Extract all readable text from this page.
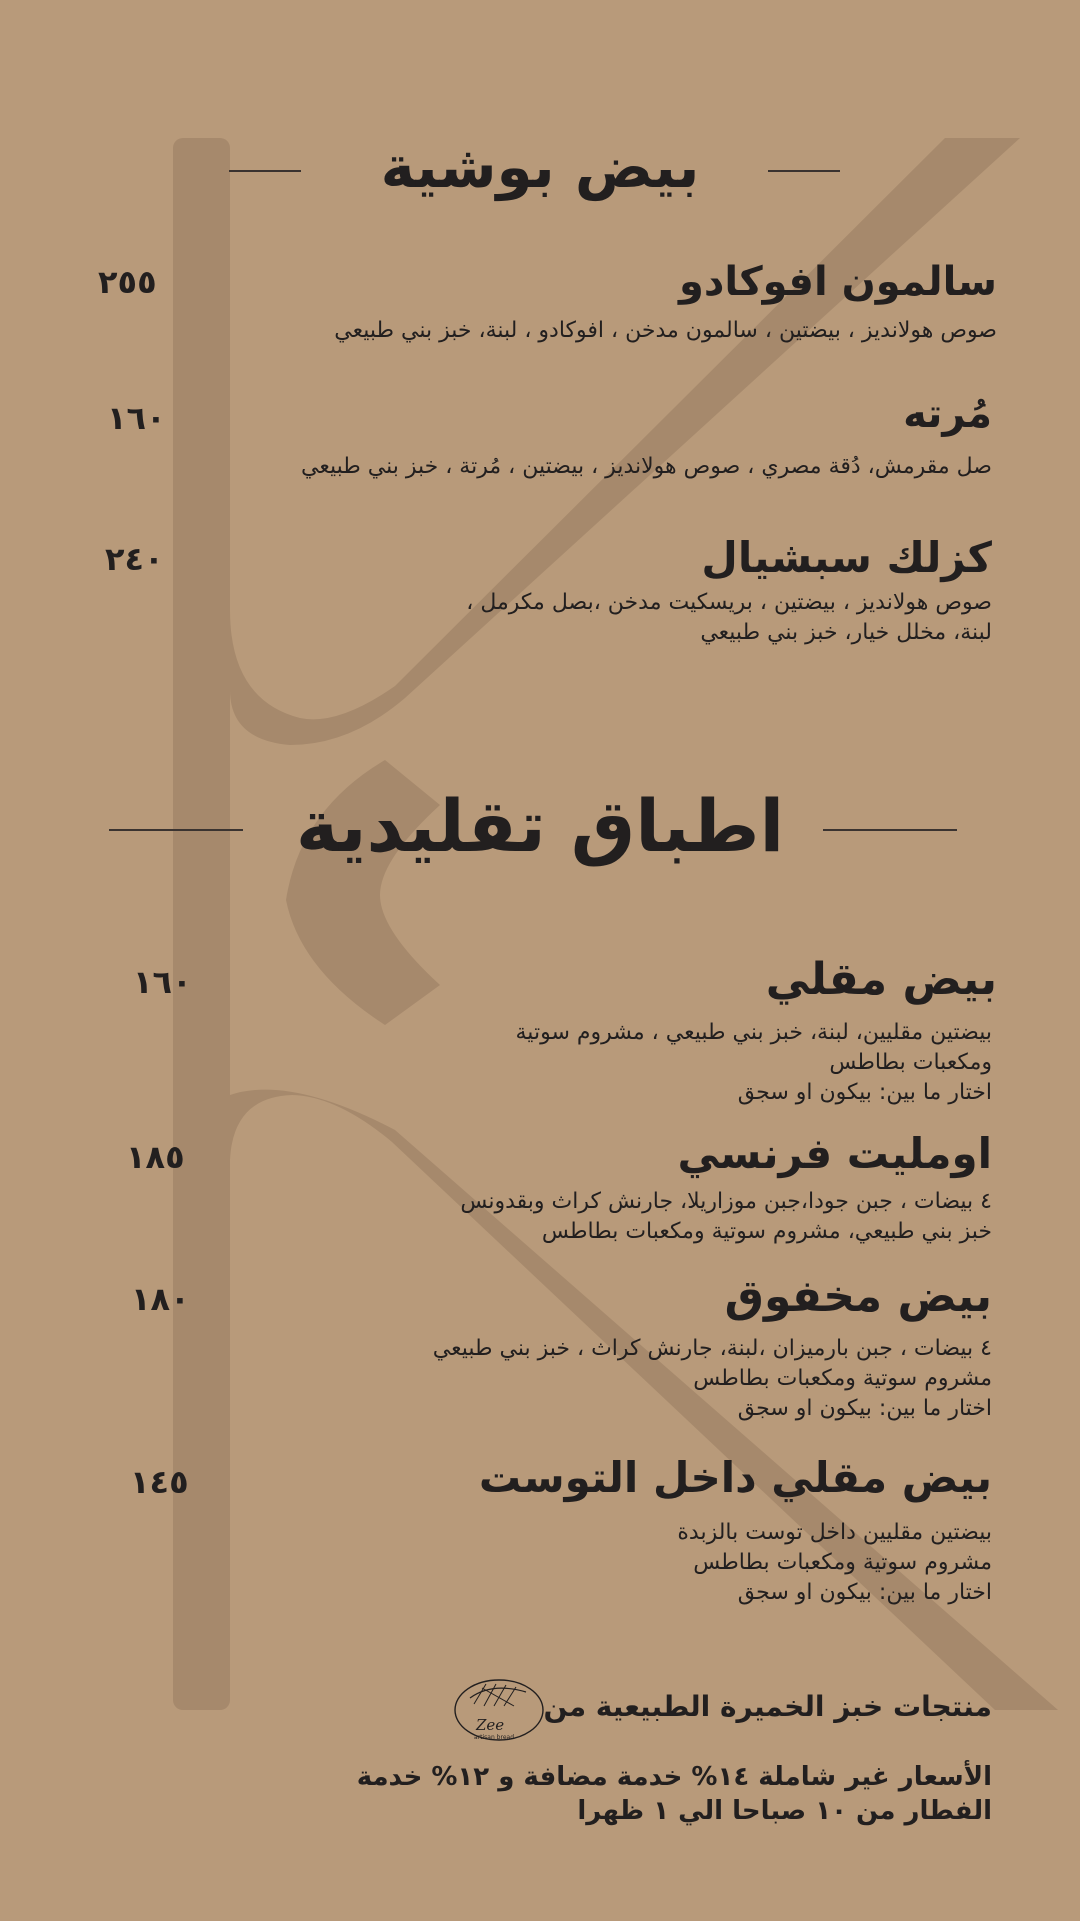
بيض بوشية
سالمون افوكادو
٢٥٥
صوص هولانديز ، بيضتين ، سالمون مدخن ، افوكادو ، لبنة، خبز بني طبيعي
مُرته
١٦٠
صل مقرمش، دُقة مصري ، صوص هولانديز ، بيضتين ، مُرتة ، خبز بني طبيعي
كزلك سبشيال
٢٤٠
صوص هولانديز ، بيضتين ، بريسكيت مدخن ،بصل مكرمل ،
لبنة، مخلل خيار، خبز بني طبيعي
اطباق تقليدية
بيض مقلي
١٦٠
بيضتين مقليين، لبنة، خبز بني طبيعي ، مشروم سوتية
ومكعبات بطاطس
اختار ما بين: بيكون او سجق
اومليت فرنسي
١٨٥
٤ بيضات ، جبن جودا،جبن موزاريلا، جارنش كراث وبقدونس
خبز بني طبيعي، مشروم سوتية ومكعبات بطاطس
بيض مخفوق
١٨٠
٤ بيضات ، جبن بارميزان ،لبنة، جارنش كراث ، خبز بني طبيعي
مشروم سوتية ومكعبات بطاطس
اختار ما بين: بيكون او سجق
بيض مقلي داخل التوست
١٤٥
بيضتين مقليين داخل توست بالزبدة
مشروم سوتية ومكعبات بطاطس
اختار ما بين: بيكون او سجق
منتجات خبز الخميرة الطبيعية من
Zee
artisan bread
الأسعار غير شاملة ١٤% خدمة مضافة و ١٢% خدمة
الفطار من ١٠ صباحا الي ١ ظهرا
